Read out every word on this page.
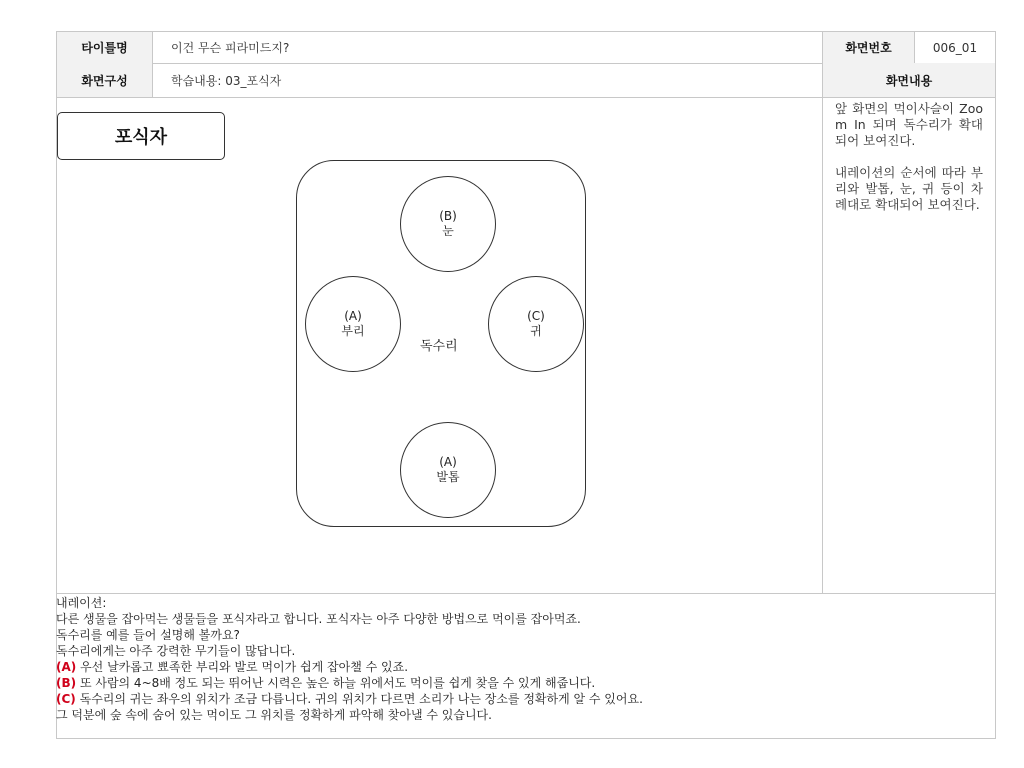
타이틀명	이건 무슨 피라미드지?	화면번호	006_01
화면구성	학습내용: 03_포식자	화면내용
포식자
(B)
눈
(A)
부리
(C)
귀
(A)
발톱
독수리

앞 화면의 먹이사슬이 Zoom In 되며 독수리가 확대되어 보여진다.

내레이션의 순서에 따라 부리와 발톱, 눈, 귀 등이 차례대로 확대되어 보여진다.

내레이션:
다른 생물을 잡아먹는 생물들을 포식자라고 합니다. 포식자는 아주 다양한 방법으로 먹이를 잡아먹죠.
독수리를 예를 들어 설명해 볼까요?
독수리에게는 아주 강력한 무기들이 많답니다.
(A) 우선 날카롭고 뾰족한 부리와 발로 먹이가 쉽게 잡아챌 수 있죠.
(B) 또 사람의 4~8배 정도 되는 뛰어난 시력은 높은 하늘 위에서도 먹이를 쉽게 찾을 수 있게 해줍니다.
(C) 독수리의 귀는 좌우의 위치가 조금 다릅니다. 귀의 위치가 다르면 소리가 나는 장소를 정확하게 알 수 있어요.
그 덕분에 숲 속에 숨어 있는 먹이도 그 위치를 정확하게 파악해 찾아낼 수 있습니다.
